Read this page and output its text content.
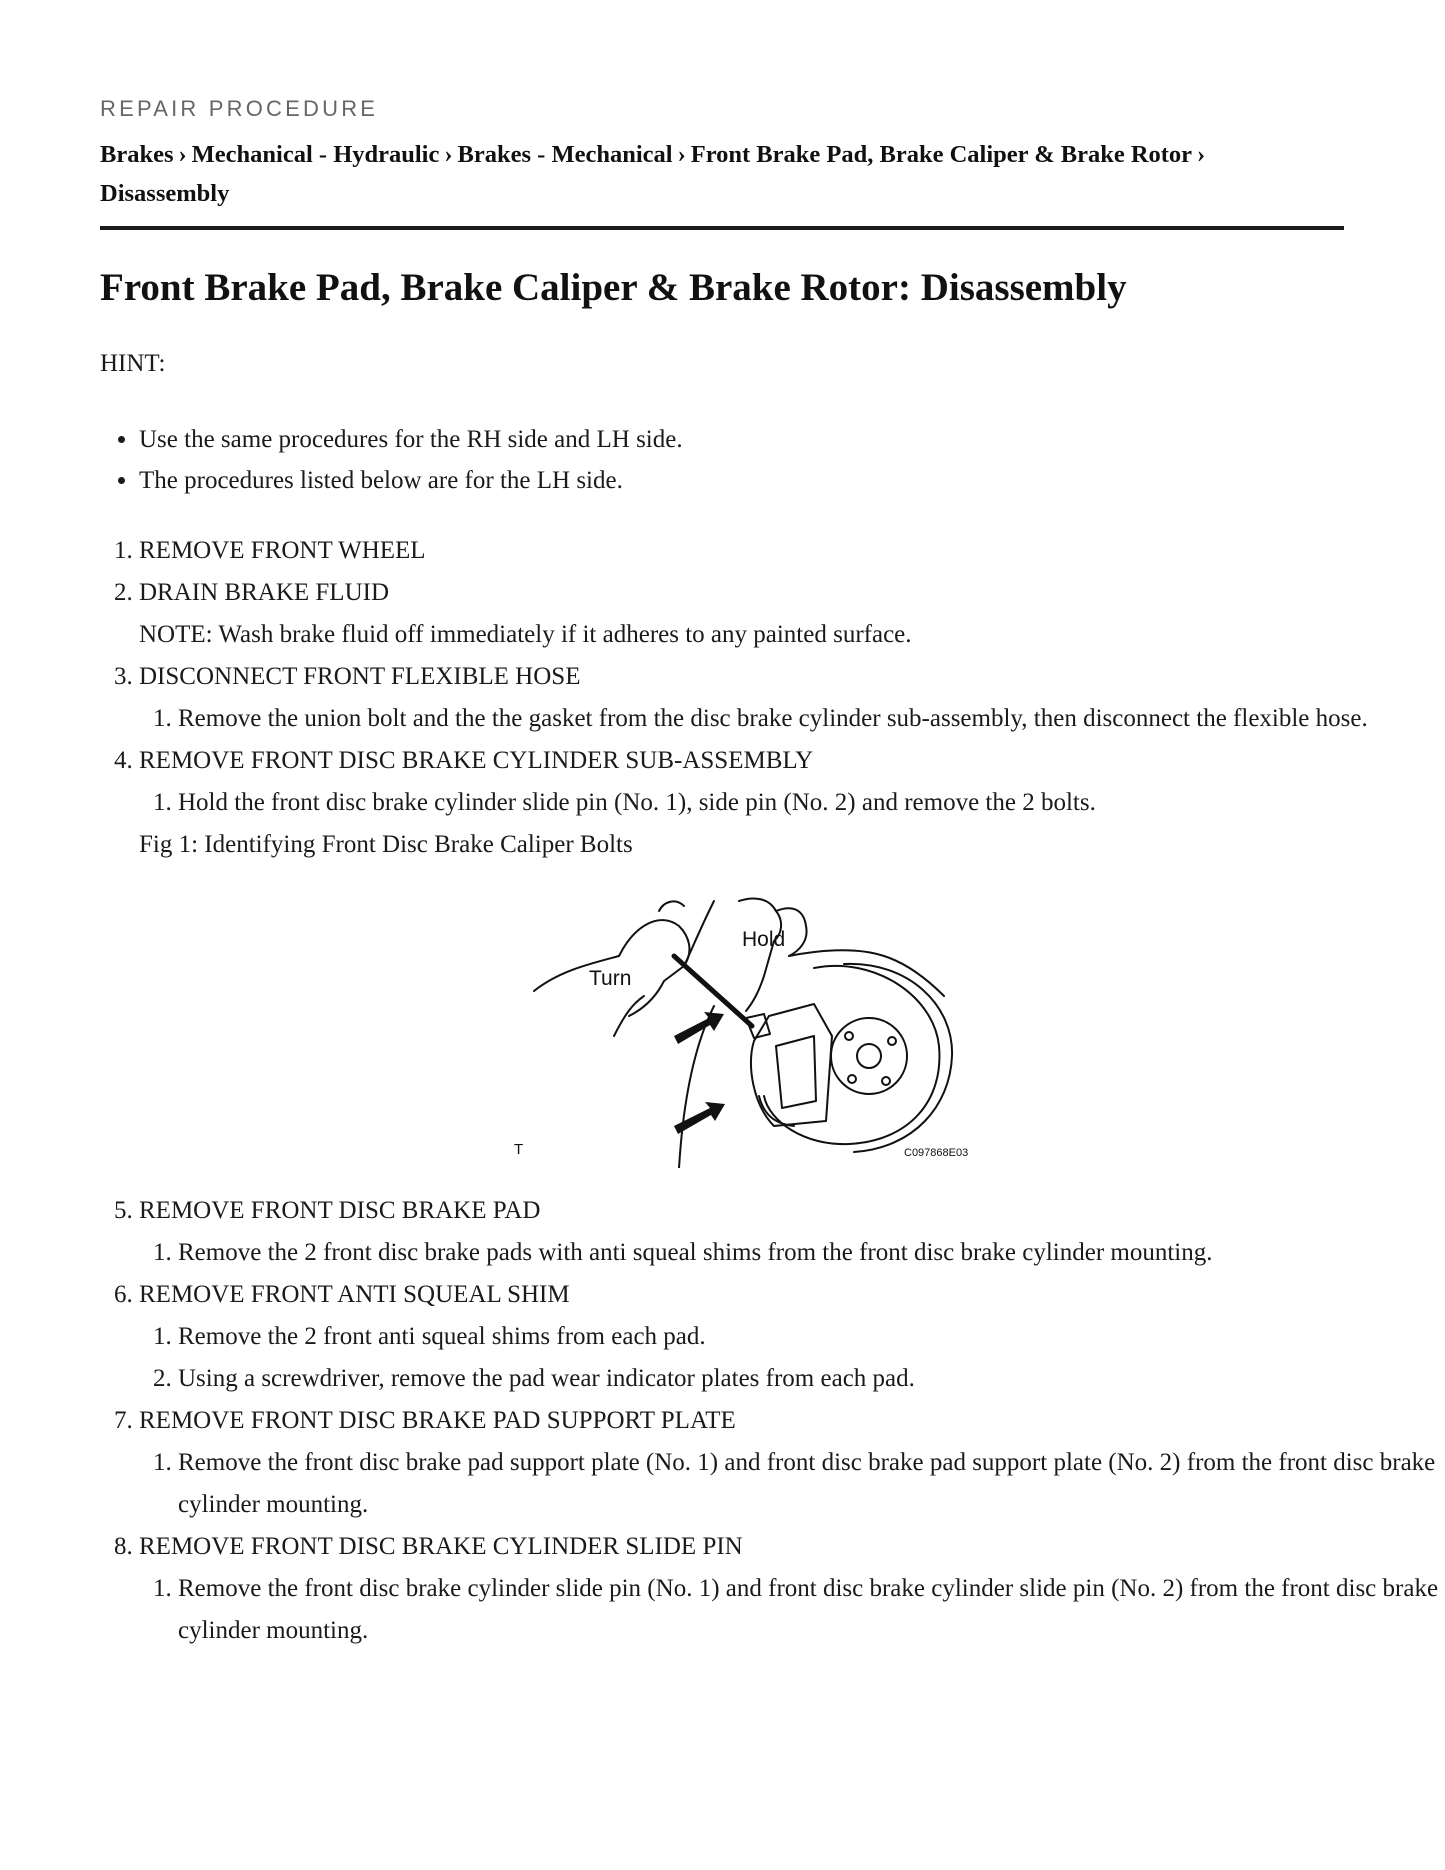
REPAIR PROCEDURE
Brakes › Mechanical - Hydraulic › Brakes - Mechanical › Front Brake Pad, Brake Caliper & Brake Rotor ›
Disassembly
Front Brake Pad, Brake Caliper & Brake Rotor: Disassembly

HINT:

• Use the same procedures for the RH side and LH side.
• The procedures listed below are for the LH side.
1. REMOVE FRONT WHEEL
2. DRAIN BRAKE FLUID
NOTE: Wash brake fluid off immediately if it adheres to any painted surface.
3. DISCONNECT FRONT FLEXIBLE HOSE
1. Remove the union bolt and the the gasket from the disc brake cylinder sub-assembly, then disconnect the flexible hose.
4. REMOVE FRONT DISC BRAKE CYLINDER SUB-ASSEMBLY
1. Hold the front disc brake cylinder slide pin (No. 1), side pin (No. 2) and remove the 2 bolts.
Fig 1: Identifying Front Disc Brake Caliper Bolts
Hold
Turn
T	C097868E03
5. REMOVE FRONT DISC BRAKE PAD
1. Remove the 2 front disc brake pads with anti squeal shims from the front disc brake cylinder mounting.
6. REMOVE FRONT ANTI SQUEAL SHIM
1. Remove the 2 front anti squeal shims from each pad.
2. Using a screwdriver, remove the pad wear indicator plates from each pad.
7. REMOVE FRONT DISC BRAKE PAD SUPPORT PLATE
1. Remove the front disc brake pad support plate (No. 1) and front disc brake pad support plate (No. 2) from the front disc brake cylinder mounting.
8. REMOVE FRONT DISC BRAKE CYLINDER SLIDE PIN
1. Remove the front disc brake cylinder slide pin (No. 1) and front disc brake cylinder slide pin (No. 2) from the front disc brake cylinder mounting.
